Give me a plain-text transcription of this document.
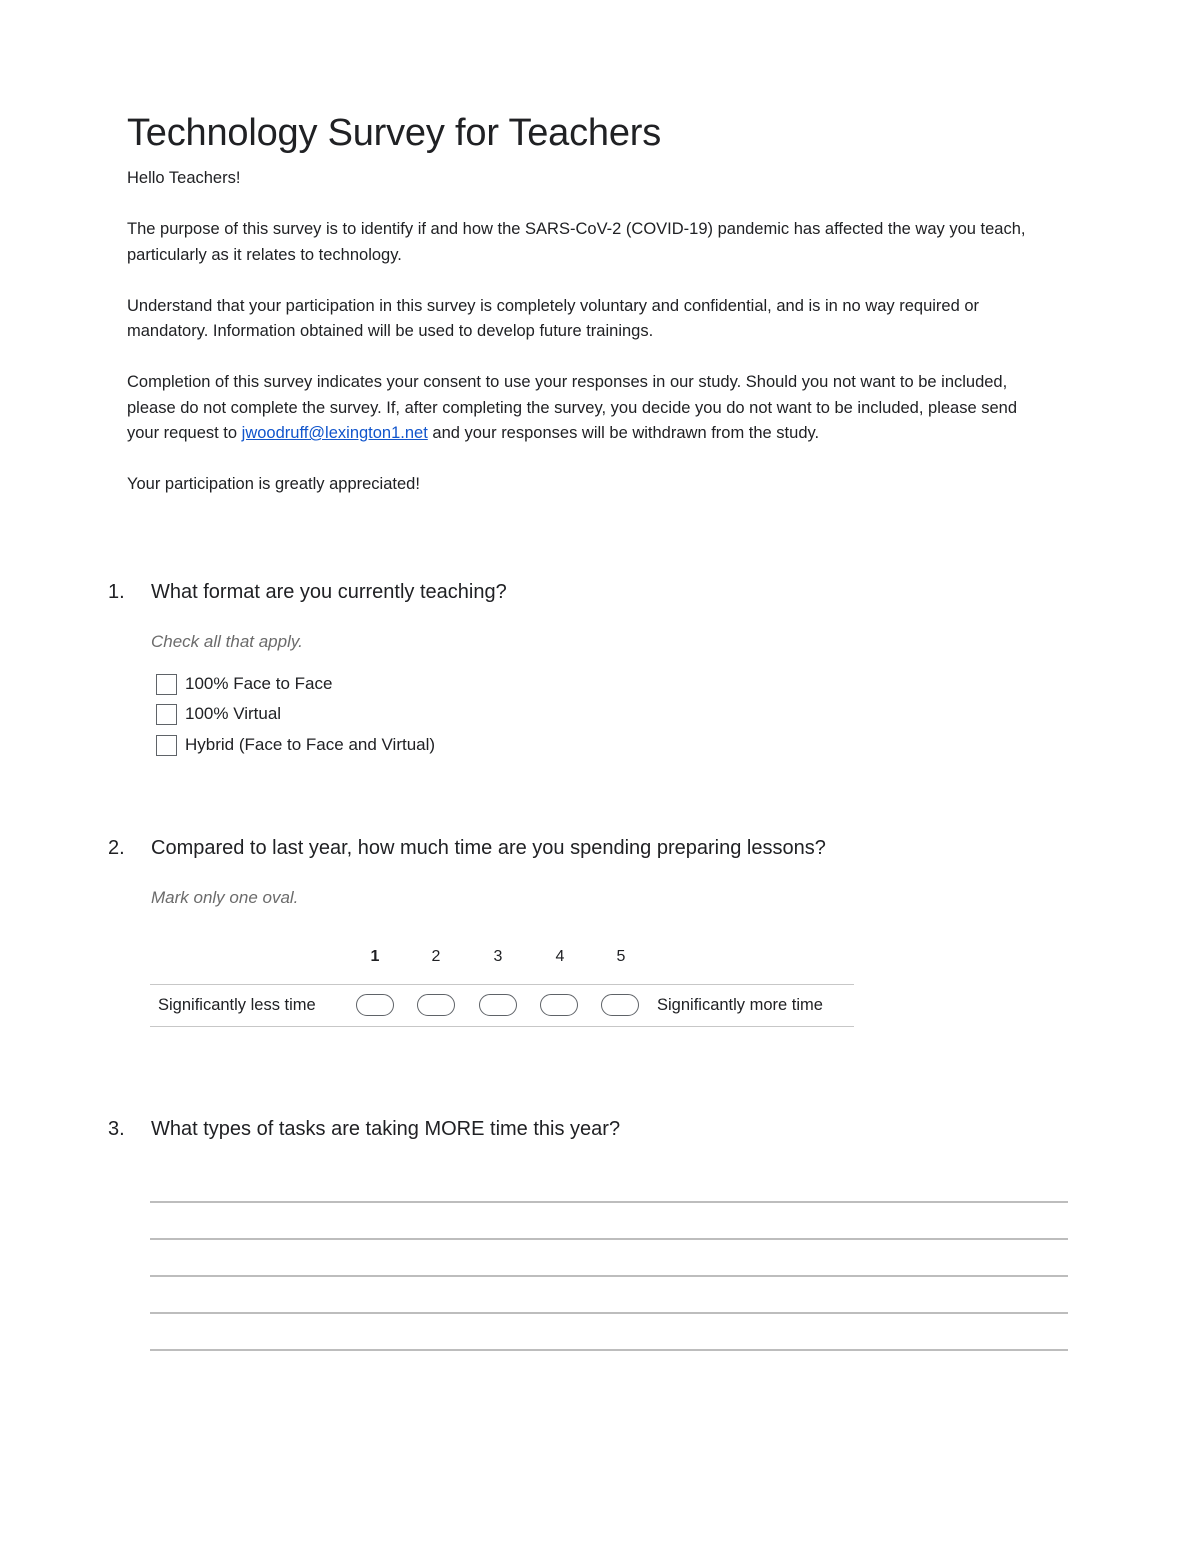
Technology Survey for Teachers

Hello Teachers!

The purpose of this survey is to identify if and how the SARS-CoV-2 (COVID-19) pandemic has affected the way you teach, particularly as it relates to technology.

Understand that your participation in this survey is completely voluntary and confidential, and is in no way required or mandatory. Information obtained will be used to develop future trainings.

Completion of this survey indicates your consent to use your responses in our study. Should you not want to be included, please do not complete the survey. If, after completing the survey, you decide you do not want to be included, please send your request to jwoodruff@lexington1.net and your responses will be withdrawn from the study.

Your participation is greatly appreciated!

1. What format are you currently teaching?
Check all that apply.
100% Face to Face
100% Virtual
Hybrid (Face to Face and Virtual)
2. Compared to last year, how much time are you spending preparing lessons?
Mark only one oval.
1	2	3	4	5
Significantly less time	Significantly more time
3. What types of tasks are taking MORE time this year?
